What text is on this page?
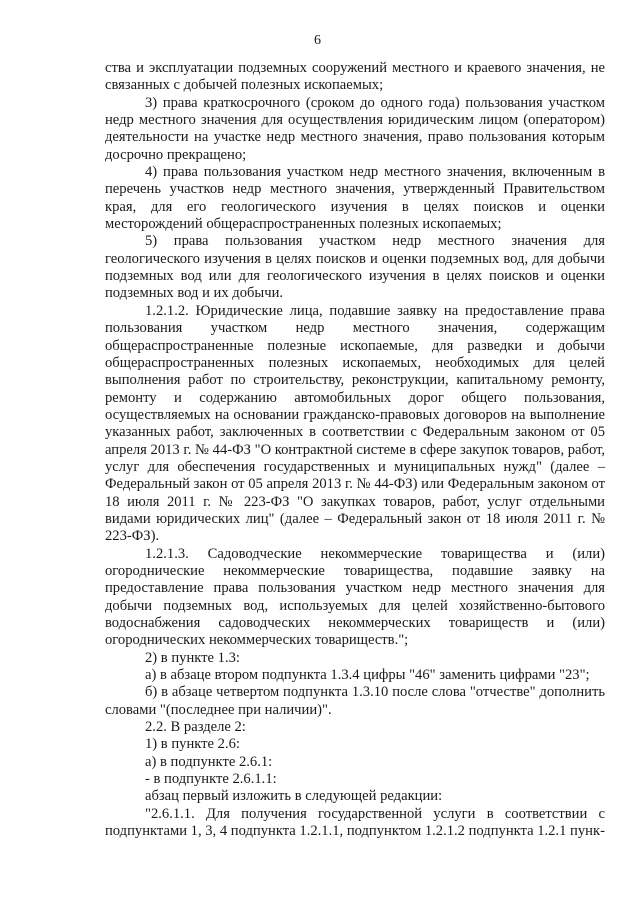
6

ства и эксплуатации подземных сооружений местного и краевого значения, не связанных с добычей полезных ископаемых;

3) права краткосрочного (сроком до одного года) пользования участком недр местного значения для осуществления юридическим лицом (оператором) деятельности на участке недр местного значения, право пользования которым досрочно прекращено;

4) права пользования участком недр местного значения, включенным в перечень участков недр местного значения, утвержденный Правительством края, для его геологического изучения в целях поисков и оценки месторождений общераспространенных полезных ископаемых;

5) права пользования участком недр местного значения для геологического изучения в целях поисков и оценки подземных вод, для добычи подземных вод или для геологического изучения в целях поисков и оценки подземных вод и их добычи.

1.2.1.2. Юридические лица, подавшие заявку на предоставление права пользования участком недр местного значения, содержащим общераспространенные полезные ископаемые, для разведки и добычи общераспространенных полезных ископаемых, необходимых для целей выполнения работ по строительству, реконструкции, капитальному ремонту, ремонту и содержанию автомобильных дорог общего пользования, осуществляемых на основании гражданско-правовых договоров на выполнение указанных работ, заключенных в соответствии с Федеральным законом от 05 апреля 2013 г. № 44-ФЗ "О контрактной системе в сфере закупок товаров, работ, услуг для обеспечения государственных и муниципальных нужд" (далее – Федеральный закон от 05 апреля 2013 г. № 44-ФЗ) или Федеральным законом от 18 июля 2011 г. № 223-ФЗ "О закупках товаров, работ, услуг отдельными видами юридических лиц" (далее – Федеральный закон от 18 июля 2011 г. № 223-ФЗ).

1.2.1.3. Садоводческие некоммерческие товарищества и (или) огороднические некоммерческие товарищества, подавшие заявку на предоставление права пользования участком недр местного значения для добычи подземных вод, используемых для целей хозяйственно-бытового водоснабжения садоводческих некоммерческих товариществ и (или) огороднических некоммерческих товариществ.";

2) в пункте 1.3:

а) в абзаце втором подпункта 1.3.4 цифры "46" заменить цифрами "23";

б) в абзаце четвертом подпункта 1.3.10 после слова "отчестве" дополнить словами "(последнее при наличии)".

2.2. В разделе 2:

1) в пункте 2.6:

а) в подпункте 2.6.1:

- в подпункте 2.6.1.1:

абзац первый изложить в следующей редакции:

"2.6.1.1. Для получения государственной услуги в соответствии с подпунктами 1, 3, 4 подпункта 1.2.1.1, подпунктом 1.2.1.2 подпункта 1.2.1 пунк-
